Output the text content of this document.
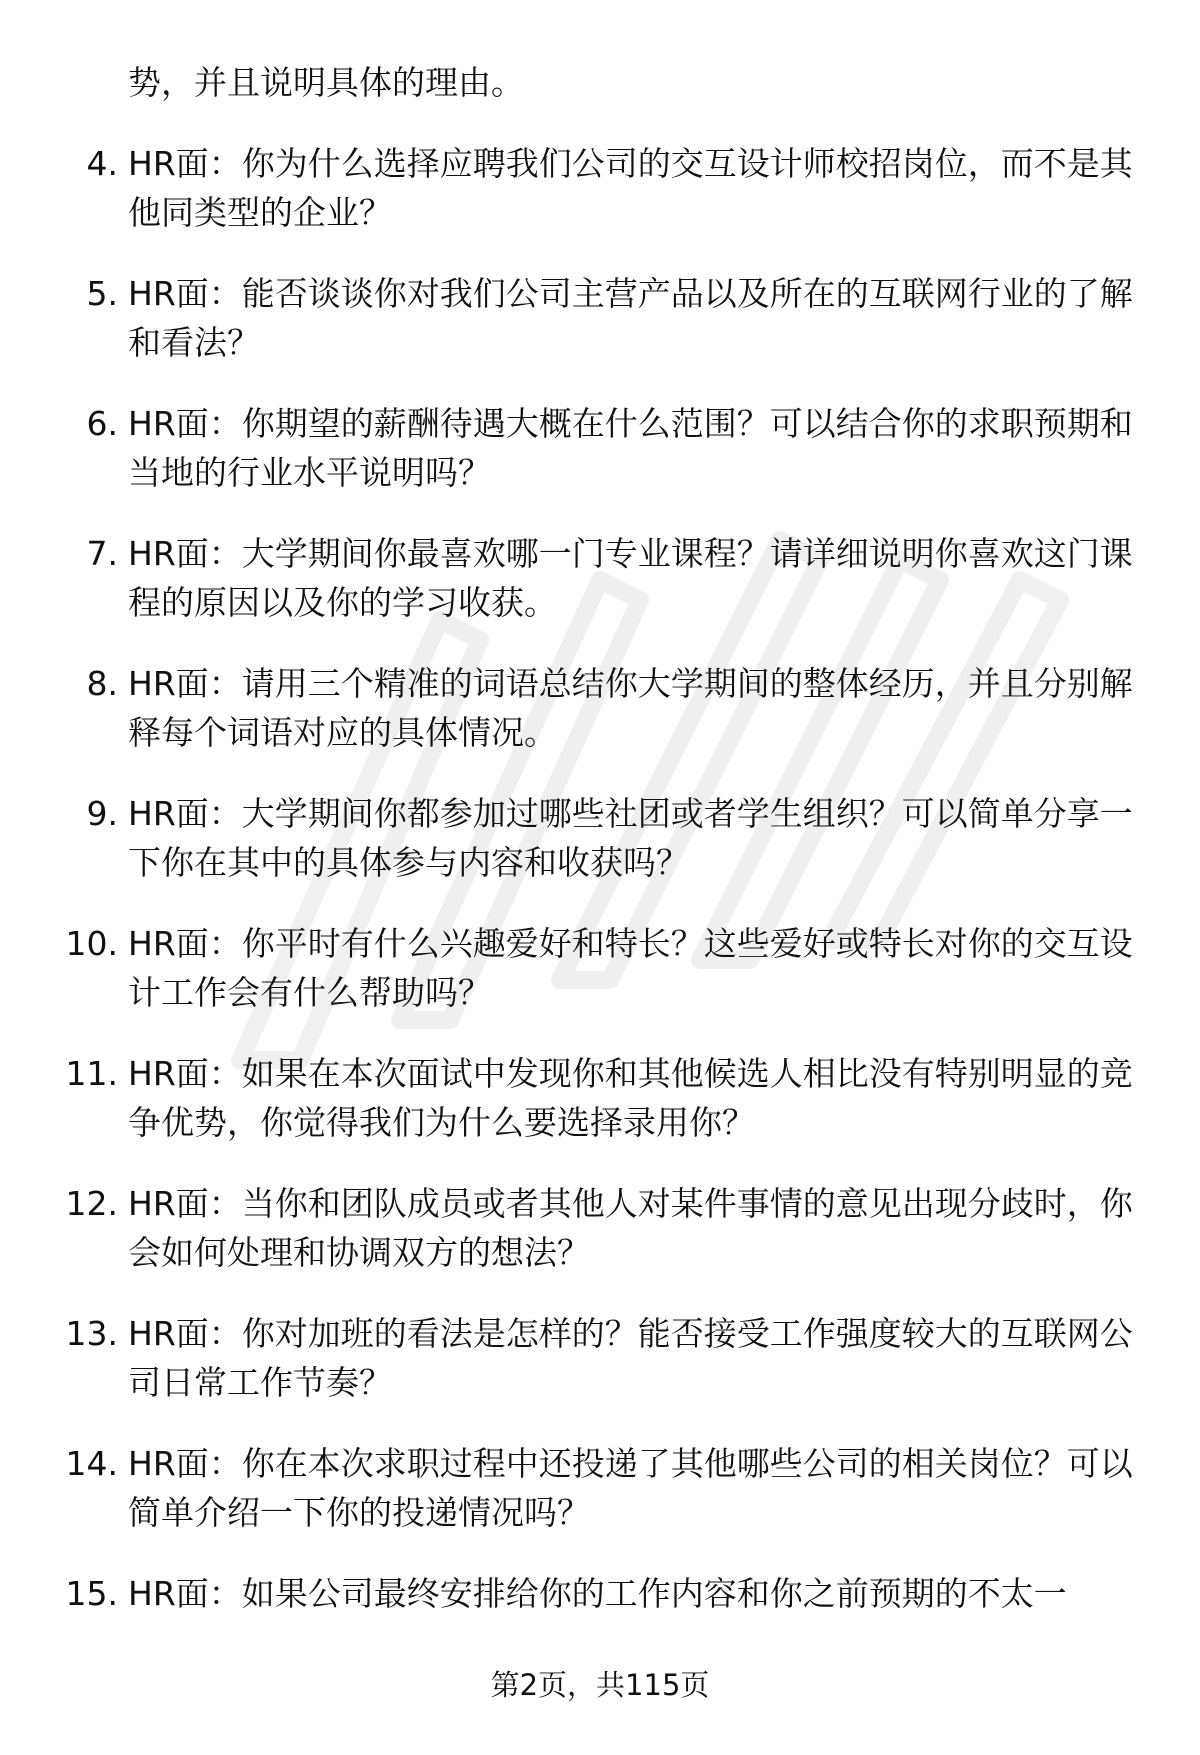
势，并且说明具体的理由。
4. HR面：你为什么选择应聘我们公司的交互设计师校招岗位，而不是其他同类型的企业？
5. HR面：能否谈谈你对我们公司主营产品以及所在的互联网行业的了解和看法？
6. HR面：你期望的薪酬待遇大概在什么范围？可以结合你的求职预期和当地的行业水平说明吗？
7. HR面：大学期间你最喜欢哪一门专业课程？请详细说明你喜欢这门课程的原因以及你的学习收获。
8. HR面：请用三个精准的词语总结你大学期间的整体经历，并且分别解释每个词语对应的具体情况。
9. HR面：大学期间你都参加过哪些社团或者学生组织？可以简单分享一下你在其中的具体参与内容和收获吗？
10. HR面：你平时有什么兴趣爱好和特长？这些爱好或特长对你的交互设计工作会有什么帮助吗？
11. HR面：如果在本次面试中发现你和其他候选人相比没有特别明显的竞争优势，你觉得我们为什么要选择录用你？
12. HR面：当你和团队成员或者其他人对某件事情的意见出现分歧时，你会如何处理和协调双方的想法？
13. HR面：你对加班的看法是怎样的？能否接受工作强度较大的互联网公司日常工作节奏？
14. HR面：你在本次求职过程中还投递了其他哪些公司的相关岗位？可以简单介绍一下你的投递情况吗？
15. HR面：如果公司最终安排给你的工作内容和你之前预期的不太一
第2页，共115页
